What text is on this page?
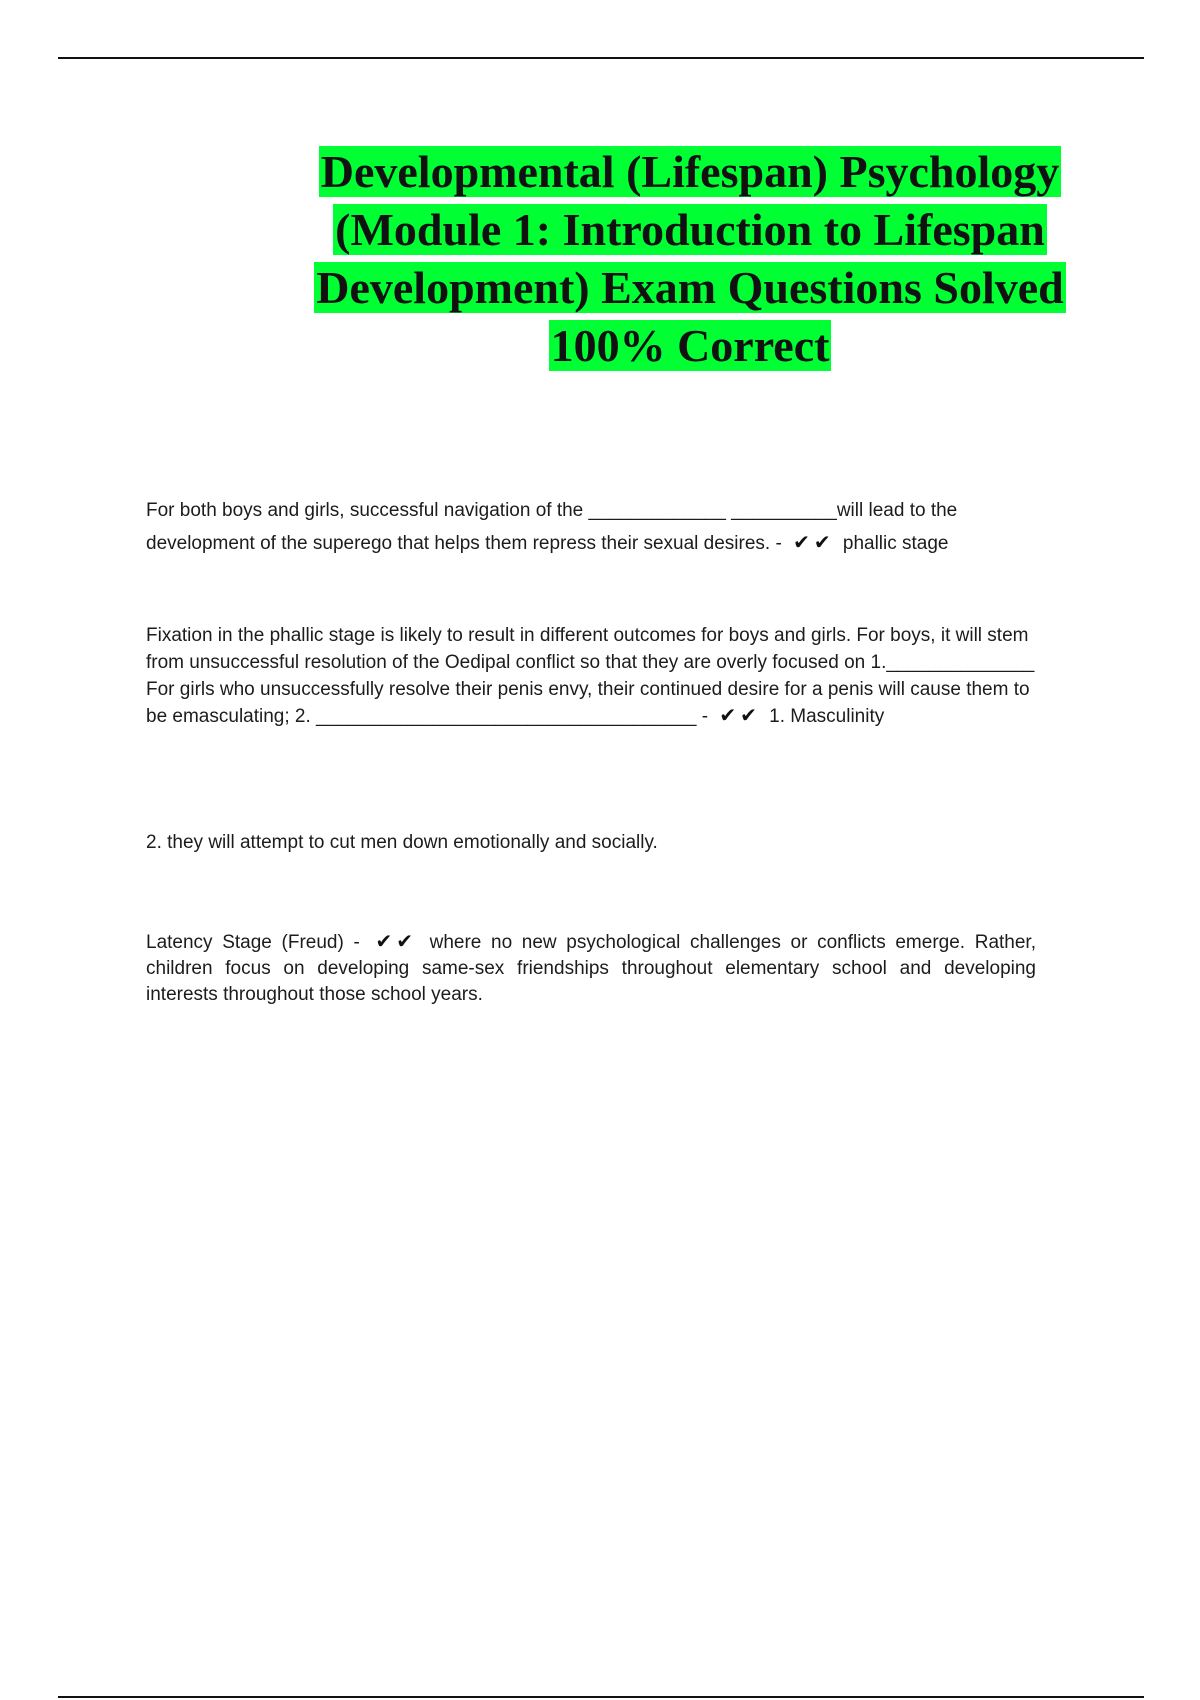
Developmental (Lifespan) Psychology (Module 1: Introduction to Lifespan Development) Exam Questions Solved 100% Correct
For both boys and girls, successful navigation of the _____________ __________will lead to the development of the superego that helps them repress their sexual desires. - ✔✔ phallic stage
Fixation in the phallic stage is likely to result in different outcomes for boys and girls. For boys, it will stem from unsuccessful resolution of the Oedipal conflict so that they are overly focused on 1.______________ For girls who unsuccessfully resolve their penis envy, their continued desire for a penis will cause them to be emasculating; 2. ____________________________________ - ✔✔ 1. Masculinity
2. they will attempt to cut men down emotionally and socially.
Latency Stage (Freud) - ✔✔ where no new psychological challenges or conflicts emerge. Rather, children focus on developing same-sex friendships throughout elementary school and developing interests throughout those school years.
